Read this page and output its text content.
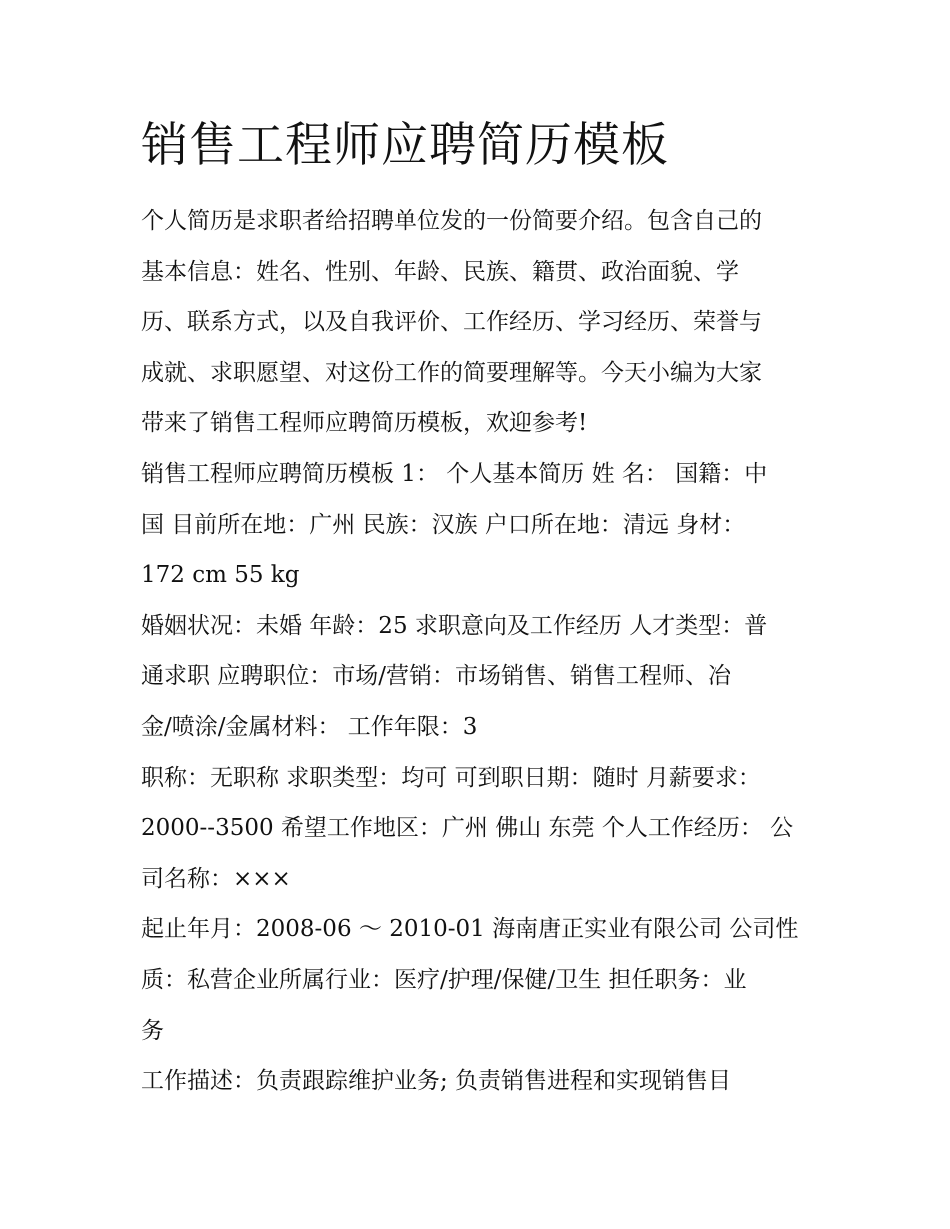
销售工程师应聘简历模板

个人简历是求职者给招聘单位发的一份简要介绍。包含自己的
基本信息：姓名、性别、年龄、民族、籍贯、政治面貌、学
历、联系方式，以及自我评价、工作经历、学习经历、荣誉与
成就、求职愿望、对这份工作的简要理解等。今天小编为大家
带来了销售工程师应聘简历模板，欢迎参考!

销售工程师应聘简历模板 1： 个人基本简历 姓 名： 国籍：中
国 目前所在地：广州 民族：汉族 户口所在地：清远 身材：
172 cm 55 kg

婚姻状况：未婚 年龄：25 求职意向及工作经历 人才类型：普
通求职 应聘职位：市场/营销：市场销售、销售工程师、冶
金/喷涂/金属材料： 工作年限：3

职称：无职称 求职类型：均可 可到职日期：随时 月薪要求：
2000--3500 希望工作地区：广州 佛山 东莞 个人工作经历： 公
司名称：×××

起止年月：2008-06 ～ 2010-01 海南唐正实业有限公司 公司性
质：私营企业所属行业：医疗/护理/保健/卫生 担任职务：业
务

工作描述：负责跟踪维护业务; 负责销售进程和实现销售目
